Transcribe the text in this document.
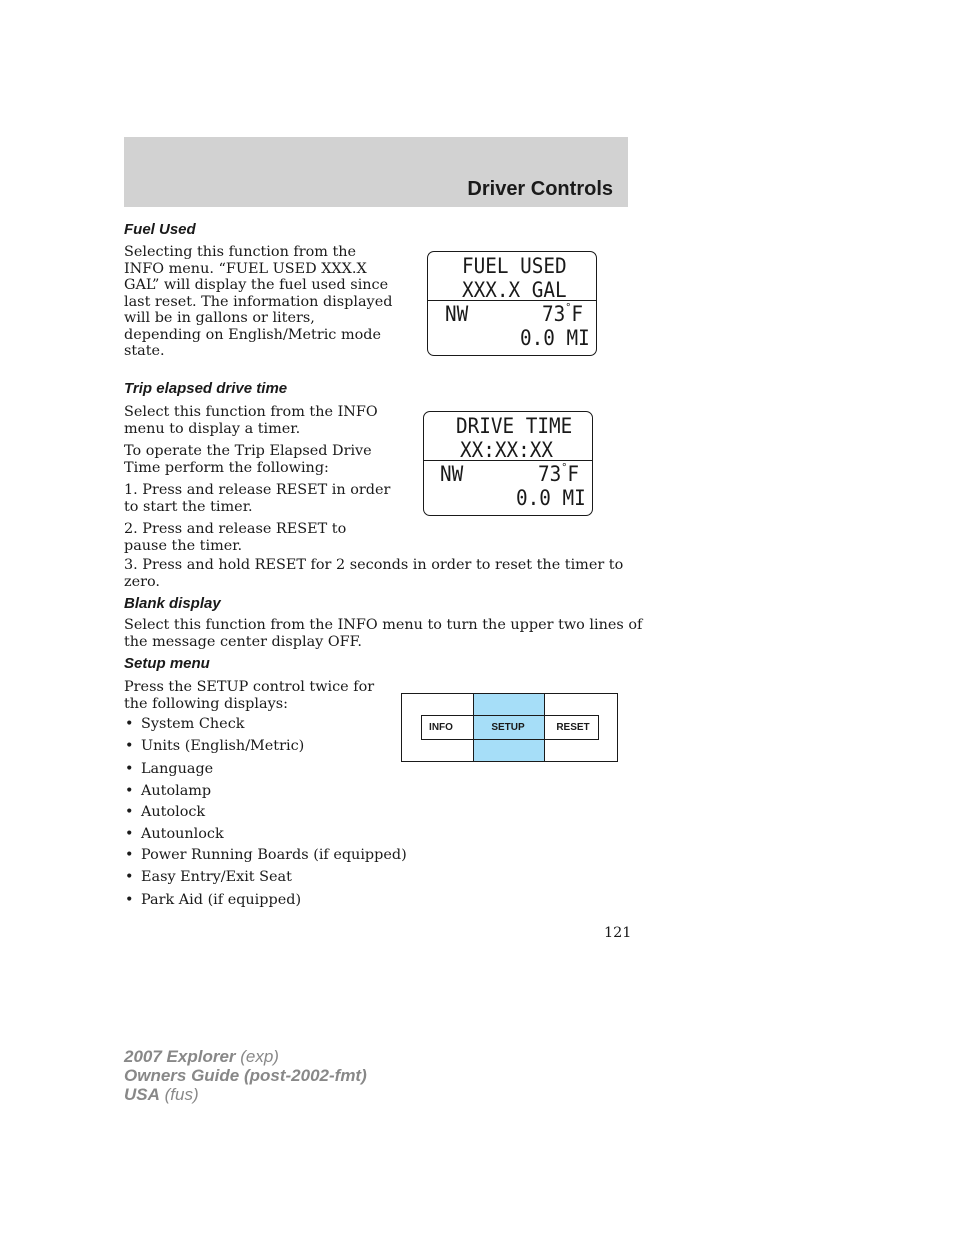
Driver Controls
Fuel Used
Selecting this function from the
INFO menu. “FUEL USED XXX.X
GAL” will display the fuel used since
last reset. The information displayed
will be in gallons or liters,
depending on English/Metric mode
state.
FUEL USED
XXX.X GAL
NW	73°F
0.0 MI
Trip elapsed drive time
Select this function from the INFO
menu to display a timer.
To operate the Trip Elapsed Drive
Time perform the following:
1. Press and release RESET in order
to start the timer.
2. Press and release RESET to
pause the timer.
3. Press and hold RESET for 2 seconds in order to reset the timer to
zero.
DRIVE TIME
XX:XX:XX
NW	73°F
0.0 MI
Blank display
Select this function from the INFO menu to turn the upper two lines of
the message center display OFF.
Setup menu
Press the SETUP control twice for
the following displays:
• System Check
• Units (English/Metric)
• Language
• Autolamp
• Autolock
• Autounlock
• Power Running Boards (if equipped)
• Easy Entry/Exit Seat
• Park Aid (if equipped)
INFO	SETUP	RESET
121
2007 Explorer (exp)
Owners Guide (post-2002-fmt)
USA (fus)
